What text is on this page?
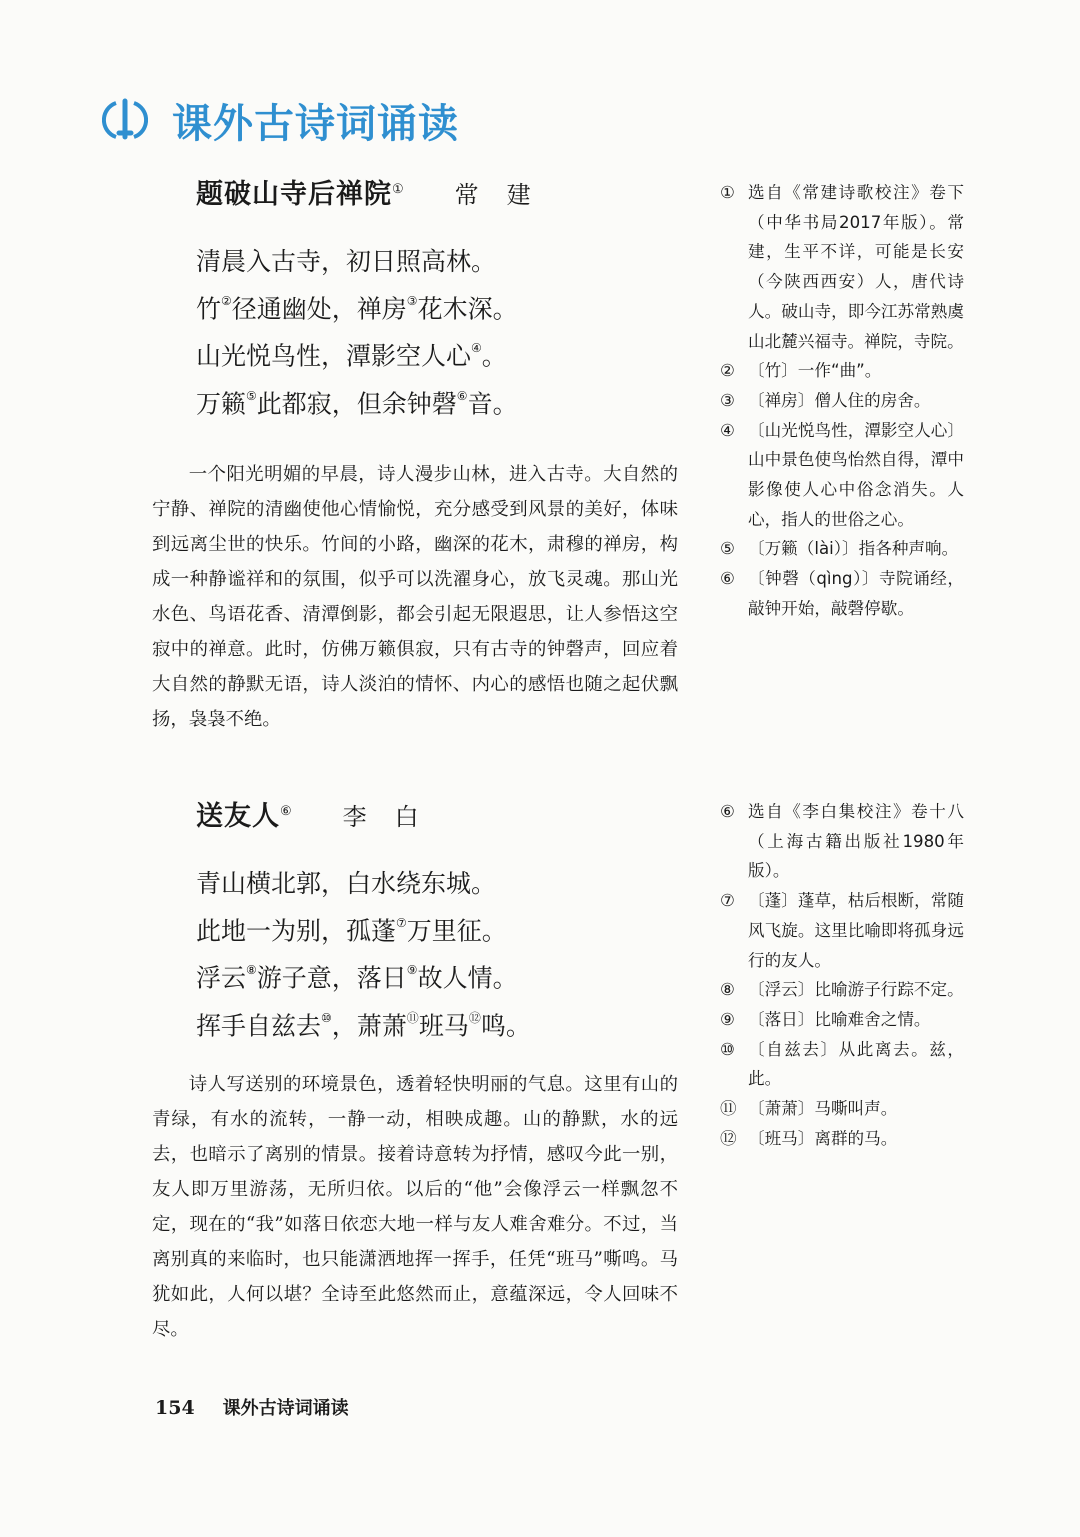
课外古诗词诵读
题破山寺后禅院① 常建
清晨入古寺，初日照高林。
竹②径通幽处，禅房③花木深。
山光悦鸟性，潭影空人心④。
万籁⑤此都寂，但余钟磬⑥音。
一个阳光明媚的早晨，诗人漫步山林，进入古寺。大自然的宁静、禅院的清幽使他心情愉悦，充分感受到风景的美好，体味到远离尘世的快乐。竹间的小路，幽深的花木，肃穆的禅房，构成一种静谧祥和的氛围，似乎可以洗濯身心，放飞灵魂。那山光水色、鸟语花香、清潭倒影，都会引起无限遐思，让人参悟这空寂中的禅意。此时，仿佛万籁俱寂，只有古寺的钟磬声，回应着大自然的静默无语，诗人淡泊的情怀、内心的感悟也随之起伏飘扬，袅袅不绝。
① 选自《常建诗歌校注》卷下（中华书局2017年版）。常建，生平不详，可能是长安（今陕西西安）人，唐代诗人。破山寺，即今江苏常熟虞山北麓兴福寺。禅院，寺院。
② 〔竹〕一作“曲”。
③ 〔禅房〕僧人住的房舍。
④ 〔山光悦鸟性，潭影空人心〕山中景色使鸟怡然自得，潭中影像使人心中俗念消失。人心，指人的世俗之心。
⑤ 〔万籁（lài）〕指各种声响。
⑥ 〔钟磬（qìng）〕寺院诵经，敲钟开始，敲磬停歇。
送友人⑥ 李白
青山横北郭，白水绕东城。
此地一为别，孤蓬⑦万里征。
浮云⑧游子意，落日⑨故人情。
挥手自兹去⑩，萧萧⑪班马⑫鸣。
诗人写送别的环境景色，透着轻快明丽的气息。这里有山的青绿，有水的流转，一静一动，相映成趣。山的静默，水的远去，也暗示了离别的情景。接着诗意转为抒情，感叹今此一别，友人即万里游荡，无所归依。以后的“他”会像浮云一样飘忽不定，现在的“我”如落日依恋大地一样与友人难舍难分。不过，当离别真的来临时，也只能潇洒地挥一挥手，任凭“班马”嘶鸣。马犹如此，人何以堪？全诗至此悠然而止，意蕴深远，令人回味不尽。
⑥ 选自《李白集校注》卷十八（上海古籍出版社1980年版）。
⑦ 〔蓬〕蓬草，枯后根断，常随风飞旋。这里比喻即将孤身远行的友人。
⑧ 〔浮云〕比喻游子行踪不定。
⑨ 〔落日〕比喻难舍之情。
⑩ 〔自兹去〕从此离去。兹，此。
⑪ 〔萧萧〕马嘶叫声。
⑫ 〔班马〕离群的马。
154 课外古诗词诵读
